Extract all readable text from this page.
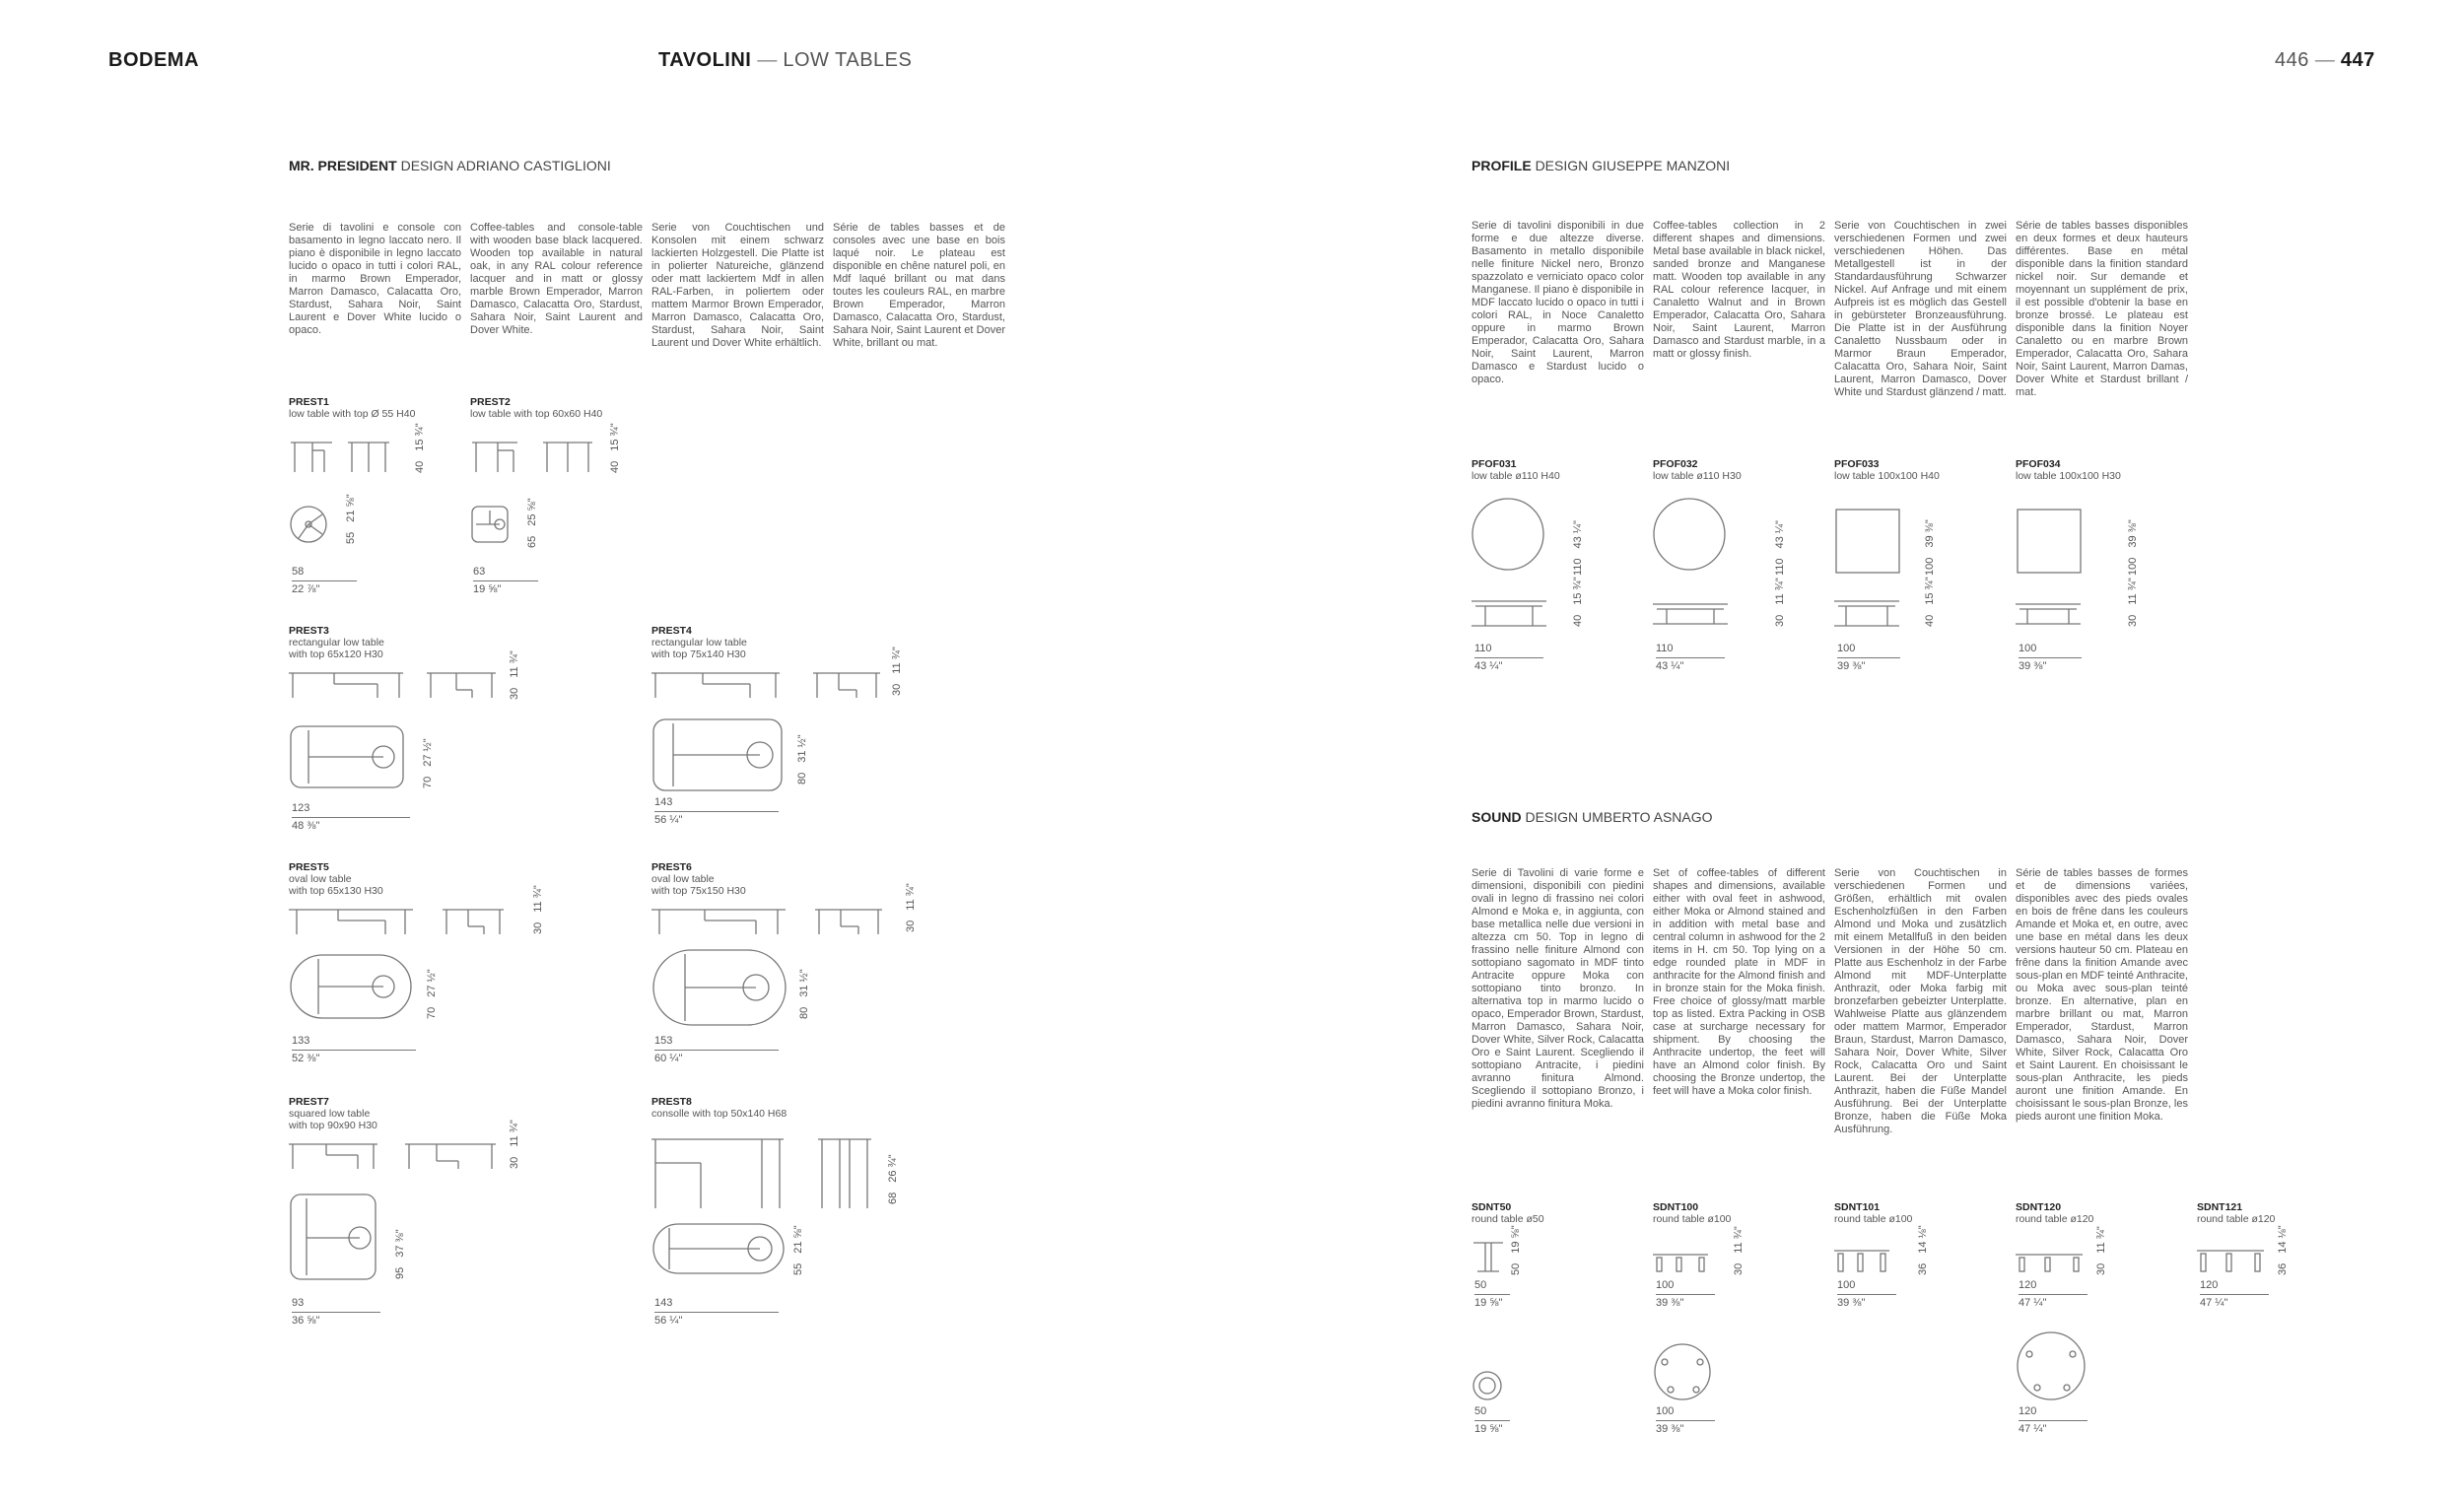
BODEMA	TAVOLINI — LOW TABLES	446 — 447
MR. PRESIDENT DESIGN ADRIANO CASTIGLIONI
Serie di tavolini e console con basamento in legno laccato nero. Il piano è disponibile in legno laccato lucido o opaco in tutti i colori RAL, in marmo Brown Emperador, Marron Damasco, Calacatta Oro, Stardust, Sahara Noir, Saint Laurent e Dover White lucido o opaco.
Coffee-tables and console-table with wooden base black lacquered. Wooden top available in natural oak, in any RAL colour reference lacquer and in matt or glossy marble Brown Emperador, Marron Damasco, Calacatta Oro, Stardust, Sahara Noir, Saint Laurent and Dover White.
Serie von Couchtischen und Konsolen mit einem schwarz lackierten Holzgestell. Die Platte ist in polierter Natureiche, glänzend oder matt lackiertem Mdf in allen RAL-Farben, in poliertem oder mattem Marmor Brown Emperador, Marron Damasco, Calacatta Oro, Stardust, Sahara Noir, Saint Laurent und Dover White erhältlich.
Série de tables basses et de consoles avec une base en bois laqué noir. Le plateau est disponible en chêne naturel poli, en Mdf laqué brillant ou mat dans toutes les couleurs RAL, en marbre Brown Emperador, Marron Damasco, Calacatta Oro, Stardust, Sahara Noir, Saint Laurent et Dover White, brillant ou mat.
PREST1
low table with top Ø 55 H40
4015 ¾"
5521 ⅝"
58
22 ⅞"
PREST2
low table with top 60x60 H40
4015 ¾"
6525 ⅝"
63
19 ⅝"
PREST3
rectangular low table
with top 65x120 H30
3011 ¾"
7027 ½"
123
48 ⅜"
PREST4
rectangular low table
with top 75x140 H30
3011 ¾"
8031 ½"
143
56 ¼"
PREST5
oval low table
with top 65x130 H30
3011 ¾"
7027 ½"
133
52 ⅜"
PREST6
oval low table
with top 75x150 H30
3011 ¾"
8031 ½"
153
60 ¼"
PREST7
squared low table
with top 90x90 H30
3011 ¾"
9537 ⅜"
93
36 ⅝"
PREST8
consolle with top 50x140 H68
6826 ¾"
5521 ⅝"
143
56 ¼"
PROFILE DESIGN GIUSEPPE MANZONI
Serie di tavolini disponibili in due forme e due altezze diverse. Basamento in metallo disponibile nelle finiture Nickel nero, Bronzo spazzolato e verniciato opaco color Manganese. Il piano è disponibile in MDF laccato lucido o opaco in tutti i colori RAL, in Noce Canaletto oppure in marmo Brown Emperador, Calacatta Oro, Sahara Noir, Saint Laurent, Marron Damasco e Stardust lucido o opaco.
Coffee-tables collection in 2 different shapes and dimensions. Metal base available in black nickel, sanded bronze and Manganese matt. Wooden top available in any RAL colour reference lacquer, in Canaletto Walnut and in Brown Emperador, Calacatta Oro, Sahara Noir, Saint Laurent, Marron Damasco and Stardust marble, in a matt or glossy finish.
Serie von Couchtischen in zwei verschiedenen Formen und zwei verschiedenen Höhen. Das Metallgestell ist in der Standardausführung Schwarzer Nickel. Auf Anfrage und mit einem Aufpreis ist es möglich das Gestell in gebürsteter Bronzeausführung. Die Platte ist in der Ausführung Canaletto Nussbaum oder in Marmor Braun Emperador, Calacatta Oro, Sahara Noir, Saint Laurent, Marron Damasco, Dover White und Stardust glänzend / matt.
Série de tables basses disponibles en deux formes et deux hauteurs différentes. Base en métal disponible dans la finition standard nickel noir. Sur demande et moyennant un supplément de prix, il est possible d'obtenir la base en bronze brossé. Le plateau est disponible dans la finition Noyer Canaletto ou en marbre Brown Emperador, Calacatta Oro, Sahara Noir, Saint Laurent, Marron Damas, Dover White et Stardust brillant / mat.
PFOF031
low table ø110 H40
11043 ¼"
4015 ¾"
110
43 ¼"
PFOF032
low table ø110 H30
11043 ¼"
3011 ¾"
110
43 ¼"
PFOF033
low table 100x100 H40
10039 ⅜"
4015 ¾"
100
39 ⅜"
PFOF034
low table 100x100 H30
10039 ⅜"
3011 ¾"
100
39 ⅜"
SOUND DESIGN UMBERTO ASNAGO
Serie di Tavolini di varie forme e dimensioni, disponibili con piedini ovali in legno di frassino nei colori Almond e Moka e, in aggiunta, con base metallica nelle due versioni in altezza cm 50. Top in legno di frassino nelle finiture Almond con sottopiano sagomato in MDF tinto Antracite oppure Moka con sottopiano tinto bronzo. In alternativa top in marmo lucido o opaco, Emperador Brown, Stardust, Marron Damasco, Sahara Noir, Dover White, Silver Rock, Calacatta Oro e Saint Laurent. Scegliendo il sottopiano Antracite, i piedini avranno finitura Almond. Scegliendo il sottopiano Bronzo, i piedini avranno finitura Moka.
Set of coffee-tables of different shapes and dimensions, available either with oval feet in ashwood, either Moka or Almond stained and in addition with metal base and central column in ashwood for the 2 items in H. cm 50. Top lying on a edge rounded plate in MDF in anthracite for the Almond finish and in bronze stain for the Moka finish. Free choice of glossy/matt marble top as listed. Extra Packing in OSB case at surcharge necessary for shipment. By choosing the Anthracite undertop, the feet will have an Almond color finish. By choosing the Bronze undertop, the feet will have a Moka color finish.
Serie von Couchtischen in verschiedenen Formen und Größen, erhältlich mit ovalen Eschenholzfüßen in den Farben Almond und Moka und zusätzlich mit einem Metallfuß in den beiden Versionen in der Höhe 50 cm. Platte aus Eschenholz in der Farbe Almond mit MDF-Unterplatte Anthrazit, oder Moka farbig mit bronzefarben gebeizter Unterplatte. Wahlweise Platte aus glänzendem oder mattem Marmor, Emperador Braun, Stardust, Marron Damasco, Sahara Noir, Dover White, Silver Rock, Calacatta Oro und Saint Laurent. Bei der Unterplatte Anthrazit, haben die Füße Mandel Ausführung. Bei der Unterplatte Bronze, haben die Füße Moka Ausführung.
Série de tables basses de formes et de dimensions variées, disponibles avec des pieds ovales en bois de frêne dans les couleurs Amande et Moka et, en outre, avec une base en métal dans les deux versions hauteur 50 cm. Plateau en frêne dans la finition Amande avec sous-plan en MDF teinté Anthracite, ou Moka avec sous-plan teinté bronze. En alternative, plan en marbre brillant ou mat, Marron Emperador, Stardust, Marron Damasco, Sahara Noir, Dover White, Silver Rock, Calacatta Oro et Saint Laurent. En choisissant le sous-plan Anthracite, les pieds auront une finition Amande. En choisissant le sous-plan Bronze, les pieds auront une finition Moka.
SDNT50
round table ø50
5019 ⅝"
50
19 ⅝"
50
19 ⅝"
SDNT100
round table ø100
3011 ¾"
100
39 ⅜"
100
39 ⅜"
SDNT101
round table ø100
3614 ⅛"
100
39 ⅜"
SDNT120
round table ø120
3011 ¾"
120
47 ¼"
120
47 ¼"
SDNT121
round table ø120
3614 ⅛"
120
47 ¼"
